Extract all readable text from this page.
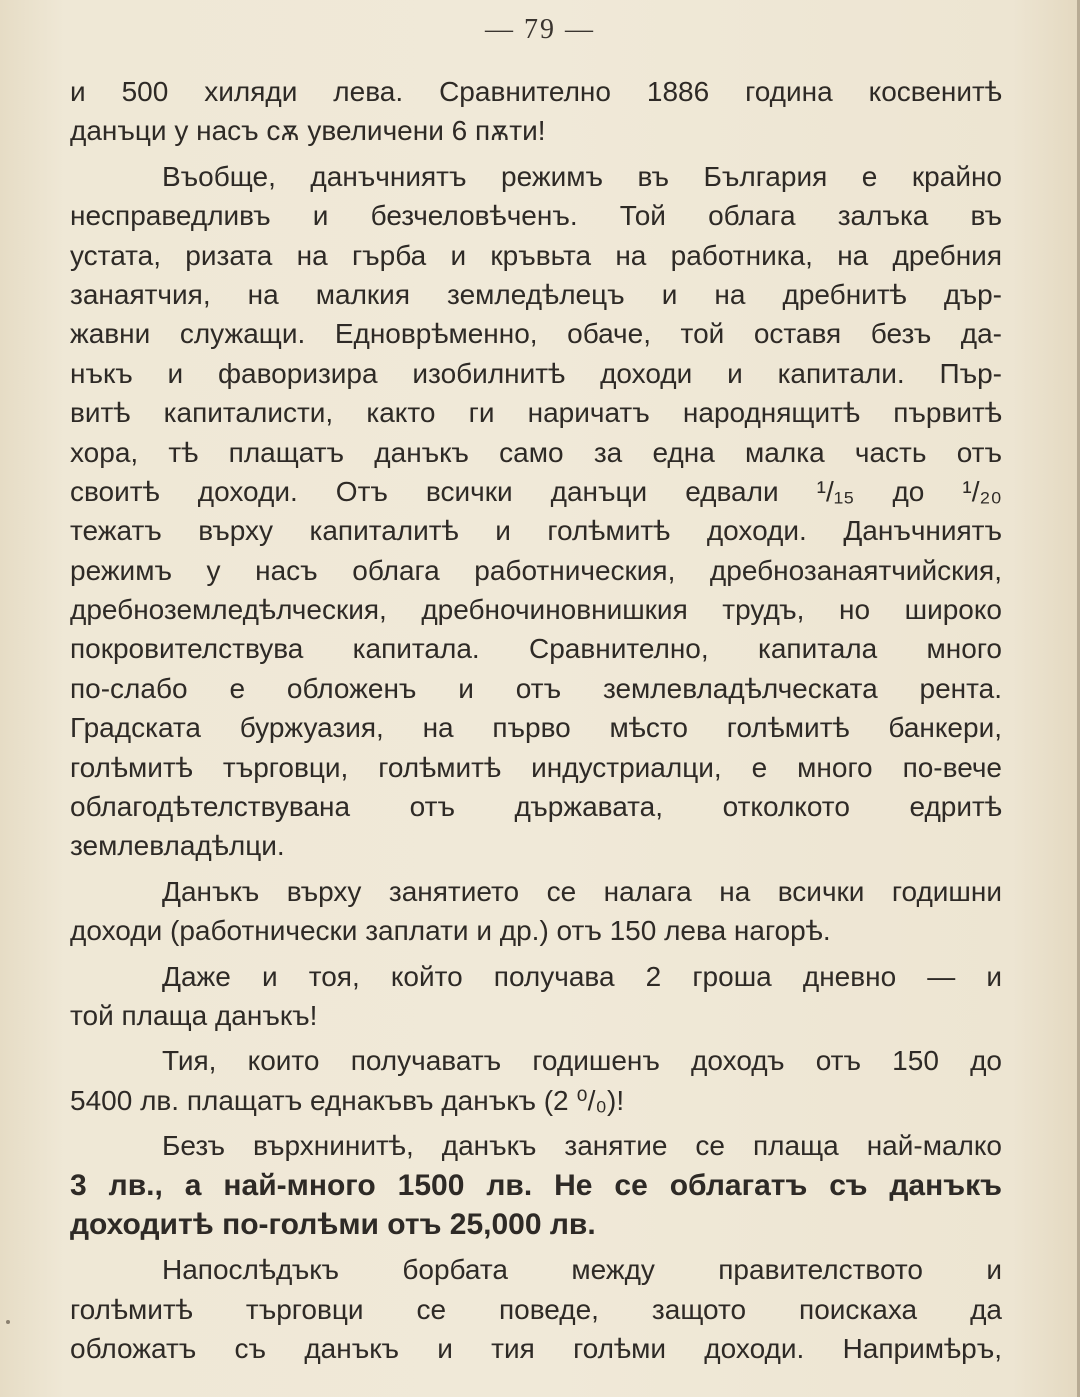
— 79 —
и 500 хиляди лева. Сравнително 1886 година косвенитѣ
данъци у насъ сѫ увеличени 6 пѫти!
Въобще, данъчниятъ режимъ въ България е крайно
несправедливъ и безчеловѣченъ. Той облага залъка въ
устата, ризата на гърба и кръвьта на работника, на дребния
занаятчия, на малкия земледѣлецъ и на дребнитѣ дър-
жавни служащи. Едноврѣменно, обаче, той оставя безъ да-
нъкъ и фаворизира изобилнитѣ доходи и капитали. Пър-
витѣ капиталисти, както ги наричатъ народнящитѣ първитѣ
хора, тѣ плащатъ данъкъ само за една малка часть отъ
своитѣ доходи. Отъ всички данъци едвали ¹/₁₅ до ¹/₂₀
тежатъ върху капиталитѣ и голѣмитѣ доходи. Данъчниятъ
режимъ у насъ облага работническия, дребнозанаятчийския,
дребноземледѣлческия, дребночиновнишкия трудъ, но широко
покровителствува капитала. Сравнително, капитала много
по-слабо е обложенъ и отъ землевладѣлческата рента.
Градската буржуазия, на първо мѣсто голѣмитѣ банкери,
голѣмитѣ търговци, голѣмитѣ индустриалци, е много по-вече
облагодѣтелствувана отъ държавата, отколкото едритѣ
землевладѣлци.
Данъкъ върху занятието се налага на всички годишни
доходи (работнически заплати и др.) отъ 150 лева нагорѣ.
Даже и тоя, който получава 2 гроша дневно — и
той плаща данъкъ!
Тия, които получаватъ годишенъ доходъ отъ 150 до
5400 лв. плащатъ еднакъвъ данъкъ (2 ⁰/₀)!
Безъ върхнинитѣ, данъкъ занятие се плаща най-малко
3 лв., а най-много 1500 лв. Не се облагатъ съ данъкъ
доходитѣ по-голѣми отъ 25,000 лв.
Напослѣдъкъ борбата между правителството и
голѣмитѣ търговци се поведе, защото поискаха да
обложатъ съ данъкъ и тия голѣми доходи. Напримѣръ,
